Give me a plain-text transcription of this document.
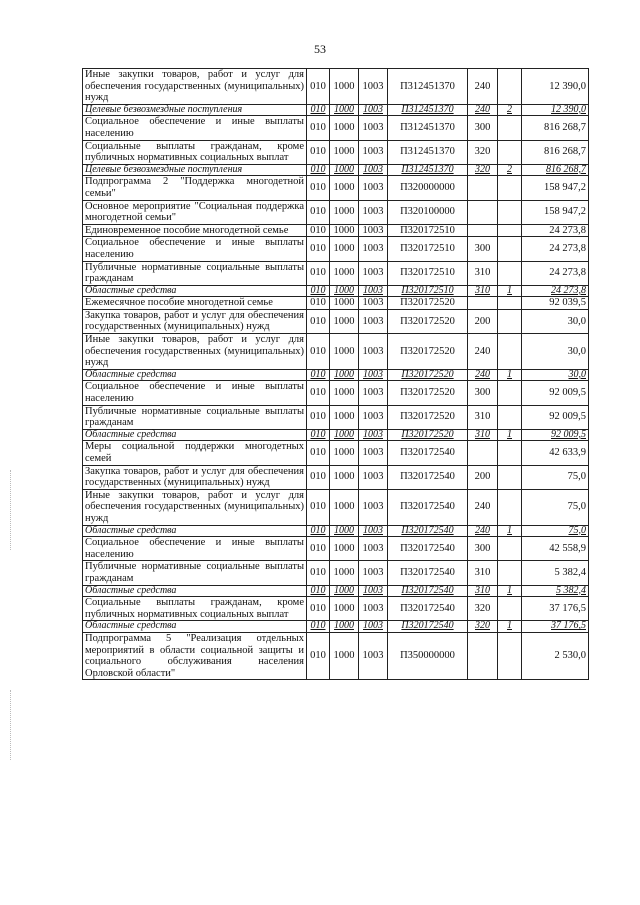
53
Иные закупки товаров, работ и услуг для обеспечения государственных (муниципальных) нужд	010	1000	1003	П312451370	240		12 390,0
Целевые безвозмездные поступления	010	1000	1003	П312451370	240	2	12 390,0
Социальное обеспечение и иные выплаты населению	010	1000	1003	П312451370	300		816 268,7
Социальные выплаты гражданам, кроме публичных нормативных социальных выплат	010	1000	1003	П312451370	320		816 268,7
Целевые безвозмездные поступления	010	1000	1003	П312451370	320	2	816 268,7
Подпрограмма 2 "Поддержка многодетной семьи"	010	1000	1003	П320000000			158 947,2
Основное мероприятие "Социальная поддержка многодетной семьи"	010	1000	1003	П320100000			158 947,2
Единовременное пособие многодетной семье	010	1000	1003	П320172510			24 273,8
Социальное обеспечение и иные выплаты населению	010	1000	1003	П320172510	300		24 273,8
Публичные нормативные социальные выплаты гражданам	010	1000	1003	П320172510	310		24 273,8
Областные средства	010	1000	1003	П320172510	310	1	24 273,8
Ежемесячное пособие многодетной семье	010	1000	1003	П320172520			92 039,5
Закупка товаров, работ и услуг для обеспечения государственных (муниципальных) нужд	010	1000	1003	П320172520	200		30,0
Иные закупки товаров, работ и услуг для обеспечения государственных (муниципальных) нужд	010	1000	1003	П320172520	240		30,0
Областные средства	010	1000	1003	П320172520	240	1	30,0
Социальное обеспечение и иные выплаты населению	010	1000	1003	П320172520	300		92 009,5
Публичные нормативные социальные выплаты гражданам	010	1000	1003	П320172520	310		92 009,5
Областные средства	010	1000	1003	П320172520	310	1	92 009,5
Меры социальной поддержки многодетных семей	010	1000	1003	П320172540			42 633,9
Закупка товаров, работ и услуг для обеспечения государственных (муниципальных) нужд	010	1000	1003	П320172540	200		75,0
Иные закупки товаров, работ и услуг для обеспечения государственных (муниципальных) нужд	010	1000	1003	П320172540	240		75,0
Областные средства	010	1000	1003	П320172540	240	1	75,0
Социальное обеспечение и иные выплаты населению	010	1000	1003	П320172540	300		42 558,9
Публичные нормативные социальные выплаты гражданам	010	1000	1003	П320172540	310		5 382,4
Областные средства	010	1000	1003	П320172540	310	1	5 382,4
Социальные выплаты гражданам, кроме публичных нормативных социальных выплат	010	1000	1003	П320172540	320		37 176,5
Областные средства	010	1000	1003	П320172540	320	1	37 176,5
Подпрограмма 5 "Реализация отдельных мероприятий в области социальной защиты и социального обслуживания населения Орловской области"	010	1000	1003	П350000000			2 530,0
